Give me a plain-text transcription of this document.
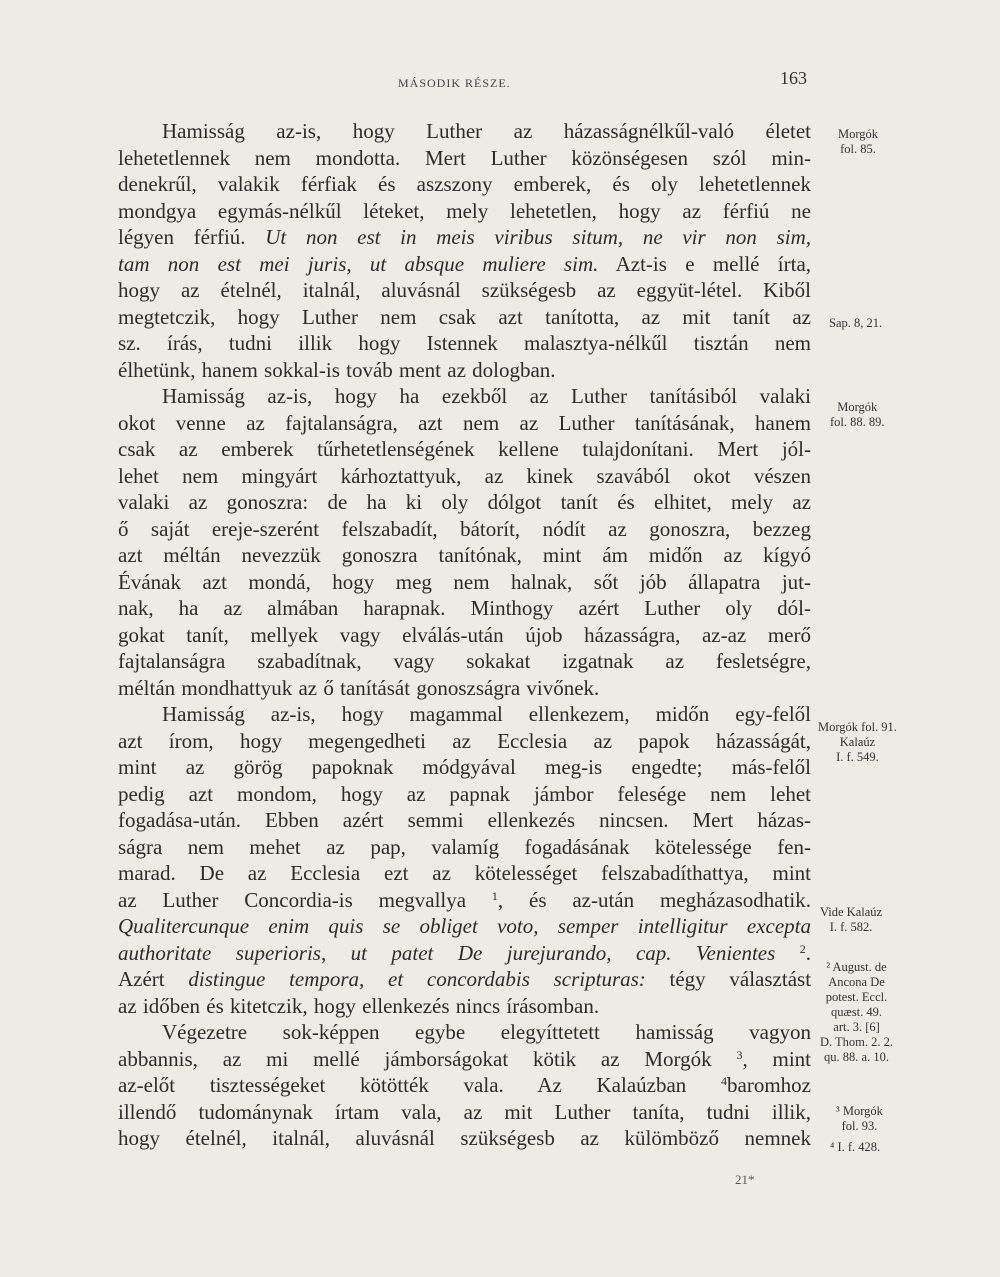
MÁSODIK RÉSZE.	163
Hamisság az-is, hogy Luther az házasságnélkűl-való életet
lehetetlennek nem mondotta. Mert Luther közönségesen szól min-
denekrűl, valakik férfiak és aszszony emberek, és oly lehetetlennek
mondgya egymás-nélkűl léteket, mely lehetetlen, hogy az férfiú ne
légyen férfiú. Ut non est in meis viribus situm, ne vir non sim,
tam non est mei juris, ut absque muliere sim. Azt-is e mellé írta,
hogy az ételnél, italnál, aluvásnál szükségesb az eggyüt-létel. Kiből
megtetczik, hogy Luther nem csak azt tanította, az mit tanít az
sz. írás, tudni illik hogy Istennek malasztya-nélkűl tisztán nem
élhetünk, hanem sokkal-is továb ment az dologban.
Hamisság az-is, hogy ha ezekből az Luther tanításiból valaki
okot venne az fajtalanságra, azt nem az Luther tanításának, hanem
csak az emberek tűrhetetlenségének kellene tulajdonítani. Mert jól-
lehet nem mingyárt kárhoztattyuk, az kinek szavából okot vészen
valaki az gonoszra: de ha ki oly dólgot tanít és elhitet, mely az
ő saját ereje-szerént felszabadít, bátorít, nódít az gonoszra, bezzeg
azt méltán nevezzük gonoszra tanítónak, mint ám midőn az kígyó
Évának azt mondá, hogy meg nem halnak, sőt jób állapatra jut-
nak, ha az almában harapnak. Minthogy azért Luther oly dól-
gokat tanít, mellyek vagy elválás-után újob házasságra, az-az merő
fajtalanságra szabadítnak, vagy sokakat izgatnak az fesletségre,
méltán mondhattyuk az ő tanítását gonoszságra vivőnek.
Hamisság az-is, hogy magammal ellenkezem, midőn egy-felől
azt írom, hogy megengedheti az Ecclesia az papok házasságát,
mint az görög papoknak módgyával meg-is engedte; más-felől
pedig azt mondom, hogy az papnak jámbor felesége nem lehet
fogadása-után. Ebben azért semmi ellenkezés nincsen. Mert házas-
ságra nem mehet az pap, valamíg fogadásának kötelessége fen-
marad. De az Ecclesia ezt az kötelességet felszabadíthattya, mint
az Luther Concordia-is megvallya $^1$, és az-után megházasodhatik.
Qualitercunque enim quis se obliget voto, semper intelligitur excepta
authoritate superioris, ut patet De jurejurando, cap. Venientes $^2$.
Azért distingue tempora, et concordabis scripturas: tégy választást
az időben és kitetczik, hogy ellenkezés nincs írásomban.
Végezetre sok-képpen egybe elegyíttetett hamisság vagyon
abbannis, az mi mellé jámborságokat kötik az Morgók $^3$, mint
az-előt tisztességeket kötötték vala. Az Kalaúzban	$^4$baromhoz
illendő tudománynak írtam vala, az mit Luther taníta, tudni illik,
hogy ételnél, italnál, aluvásnál szükségesb az külömböző nemnek
Morgók
fol. 85.
Sap. 8, 21.
Morgók
fol. 88. 89.
Morgók fol. 91.
Kalaúz
I. f. 549.
Vide Kalaúz
I. f. 582.
² August. de
Ancona De
potest. Eccl.
quæst. 49.
art. 3. [6]
D. Thom. 2. 2.
qu. 88. a. 10.
³ Morgók
fol. 93.
⁴ I. f. 428.
21*
